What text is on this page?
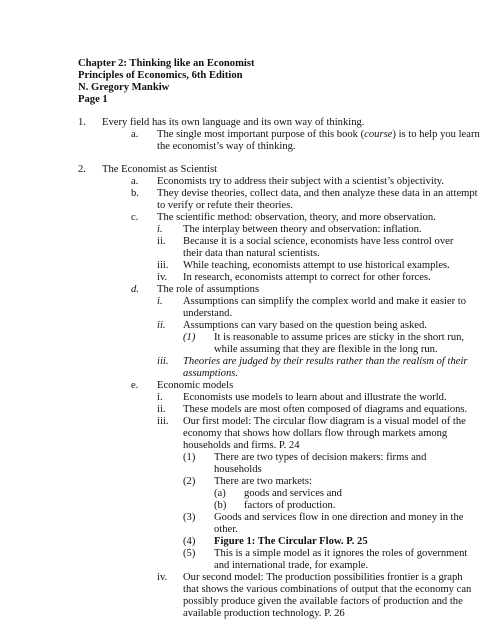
Chapter 2: Thinking like an Economist
Principles of Economics, 6th Edition
N. Gregory Mankiw
Page 1
1. Every field has its own language and its own way of thinking.
a. The single most important purpose of this book (course) is to help you learn
the economist’s way of thinking.
2. The Economist as Scientist
a. Economists try to address their subject with a scientist’s objectivity.
b. They devise theories, collect data, and then analyze these data in an attempt
to verify or refute their theories.
c. The scientific method: observation, theory, and more observation.
i. The interplay between theory and observation: inflation.
ii. Because it is a social science, economists have less control over
their data than natural scientists.
iii. While teaching, economists attempt to use historical examples.
iv. In research, economists attempt to correct for other forces.
d. The role of assumptions
i. Assumptions can simplify the complex world and make it easier to
understand.
ii. Assumptions can vary based on the question being asked.
(1) It is reasonable to assume prices are sticky in the short run,
while assuming that they are flexible in the long run.
iii. Theories are judged by their results rather than the realism of their
assumptions.
e. Economic models
i. Economists use models to learn about and illustrate the world.
ii. These models are most often composed of diagrams and equations.
iii. Our first model: The circular flow diagram is a visual model of the
economy that shows how dollars flow through markets among
households and firms. P. 24
(1) There are two types of decision makers: firms and
households
(2) There are two markets:
(a) goods and services and
(b) factors of production.
(3) Goods and services flow in one direction and money in the
other.
(4) Figure 1: The Circular Flow. P. 25
(5) This is a simple model as it ignores the roles of government
and international trade, for example.
iv. Our second model: The production possibilities frontier is a graph
that shows the various combinations of output that the economy can
possibly produce given the available factors of production and the
available production technology. P. 26
